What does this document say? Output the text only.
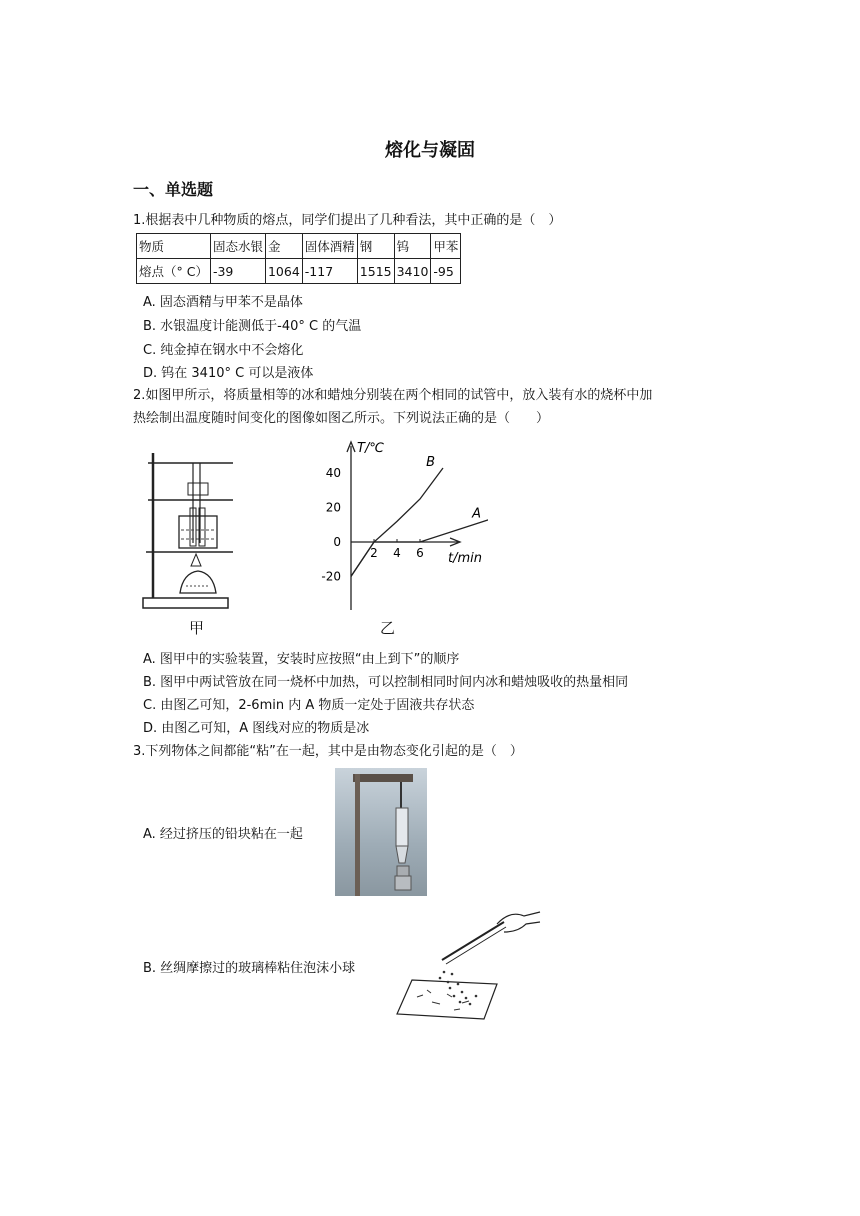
熔化与凝固
一、单选题
1.根据表中几种物质的熔点，同学们提出了几种看法，其中正确的是（　）
物质	固态水银	金	固体酒精	钢	钨	甲苯
熔点（° C）	-39	1064	-117	1515	3410	-95
A. 固态酒精与甲苯不是晶体
B. 水银温度计能测低于-40° C 的气温
C. 纯金掉在钢水中不会熔化
D. 钨在 3410° C 可以是液体
2.如图甲所示，将质量相等的冰和蜡烛分别装在两个相同的试管中，放入装有水的烧杯中加
热绘制出温度随时间变化的图像如图乙所示。下列说法正确的是（　　）
甲
T/℃
t/min
40
20
0
-20
2 4 6
A
B
乙
A. 图甲中的实验装置，安装时应按照“由上到下”的顺序
B. 图甲中两试管放在同一烧杯中加热，可以控制相同时间内冰和蜡烛吸收的热量相同
C. 由图乙可知，2-6min 内 A 物质一定处于固液共存状态
D. 由图乙可知，A 图线对应的物质是冰
3.下列物体之间都能“粘”在一起，其中是由物态变化引起的是（　）
A. 经过挤压的铅块粘在一起
B. 丝绸摩擦过的玻璃棒粘住泡沫小球
